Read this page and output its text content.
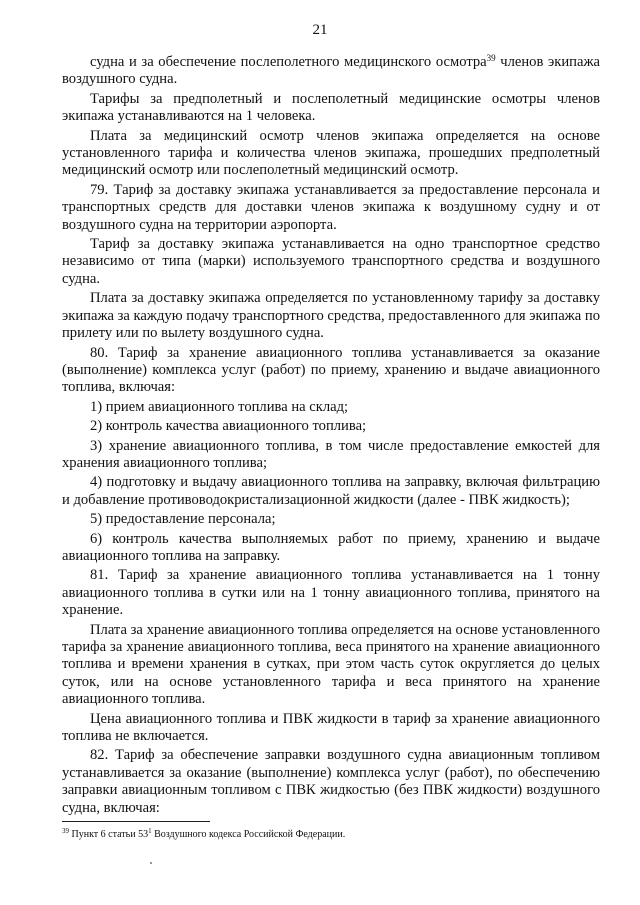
21

судна и за обеспечение послеполетного медицинского осмотра$^{39}$ членов экипажа воздушного судна.

Тарифы за предполетный и послеполетный медицинские осмотры членов экипажа устанавливаются на 1 человека.

Плата за медицинский осмотр членов экипажа определяется на основе установленного тарифа и количества членов экипажа, прошедших предполетный медицинский осмотр или послеполетный медицинский осмотр.

79. Тариф за доставку экипажа устанавливается за предоставление персонала и транспортных средств для доставки членов экипажа к воздушному судну и от воздушного судна на территории аэропорта.

Тариф за доставку экипажа устанавливается на одно транспортное средство независимо от типа (марки) используемого транспортного средства и воздушного судна.

Плата за доставку экипажа определяется по установленному тарифу за доставку экипажа за каждую подачу транспортного средства, предоставленного для экипажа по прилету или по вылету воздушного судна.

80. Тариф за хранение авиационного топлива устанавливается за оказание (выполнение) комплекса услуг (работ) по приему, хранению и выдаче авиационного топлива, включая:

1) прием авиационного топлива на склад;

2) контроль качества авиационного топлива;

3) хранение авиационного топлива, в том числе предоставление емкостей для хранения авиационного топлива;

4) подготовку и выдачу авиационного топлива на заправку, включая фильтрацию и добавление противоводокристализационной жидкости (далее - ПВК жидкость);

5) предоставление персонала;

6) контроль качества выполняемых работ по приему, хранению и выдаче авиационного топлива на заправку.

81. Тариф за хранение авиационного топлива устанавливается на 1 тонну авиационного топлива в сутки или на 1 тонну авиационного топлива, принятого на хранение.

Плата за хранение авиационного топлива определяется на основе установленного тарифа за хранение авиационного топлива, веса принятого на хранение авиационного топлива и времени хранения в сутках, при этом часть суток округляется до целых суток, или на основе установленного тарифа и веса принятого на хранение авиационного топлива.

Цена авиационного топлива и ПВК жидкости в тариф за хранение авиационного топлива не включается.

82. Тариф за обеспечение заправки воздушного судна авиационным топливом устанавливается за оказание (выполнение) комплекса услуг (работ), по обеспечению заправки авиационным топливом с ПВК жидкостью (без ПВК жидкости) воздушного судна, включая:

$^{39}$ Пункт 6 статьи $53^1$ Воздушного кодекса Российской Федерации.
